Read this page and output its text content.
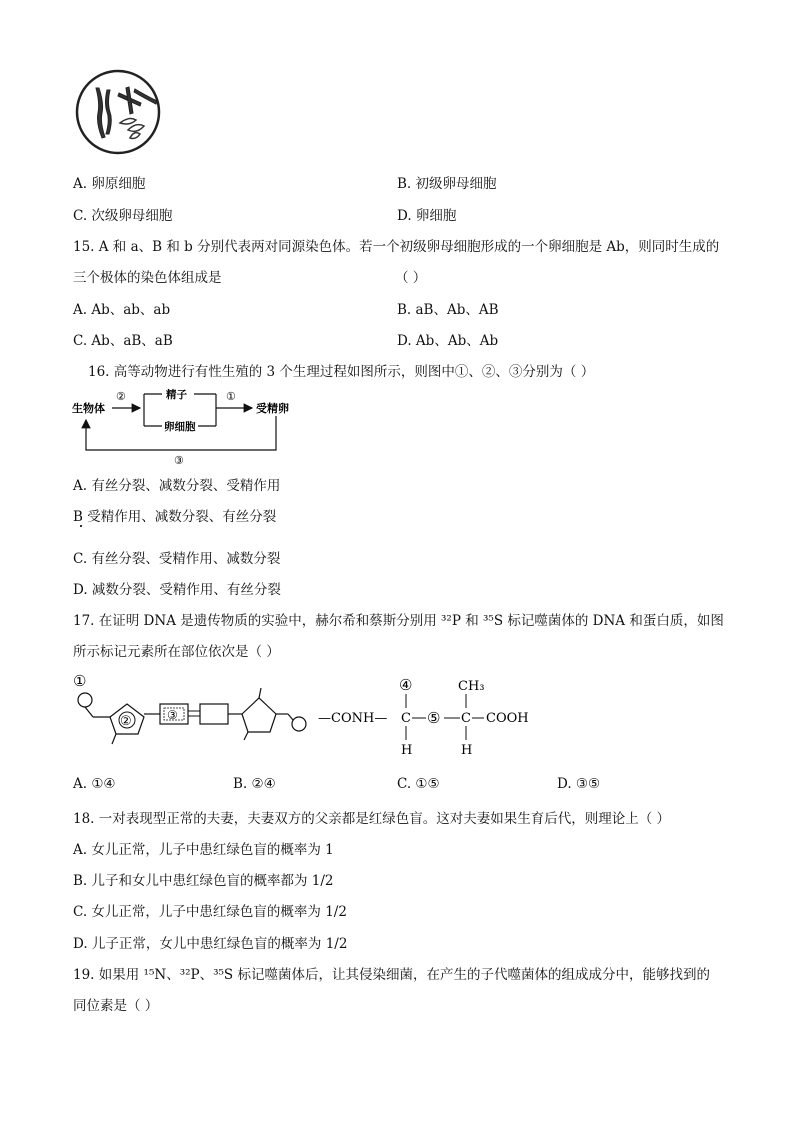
A. 卵原细胞	B. 初级卵母细胞
C. 次级卵母细胞	D. 卵细胞
15. A 和 a、B 和 b 分别代表两对同源染色体。若一个初级卵母细胞形成的一个卵细胞是 Ab，则同时生成的
三个极体的染色体组成是	（ ）
A. Ab、ab、ab	B. aB、Ab、AB
C. Ab、aB、aB	D. Ab、Ab、Ab
16. 高等动物进行有性生殖的 3 个生理过程如图所示，则图中①、②、③分别为（ ）
生物体
精子
卵细胞
受精卵
②	①
③
A. 有丝分裂、减数分裂、受精作用
B 受精作用、减数分裂、有丝分裂
C. 有丝分裂、受精作用、减数分裂
D. 减数分裂、受精作用、有丝分裂
17. 在证明 DNA 是遗传物质的实验中，赫尔希和蔡斯分别用 ³²P 和 ³⁵S 标记噬菌体的 DNA 和蛋白质，如图
所示标记元素所在部位依次是（ ）
①
②	③	—CONH—
④
C
H
⑤
CH₃
C
H
COOH
A. ①④	B. ②④	C. ①⑤	D. ③⑤
18. 一对表现型正常的夫妻，夫妻双方的父亲都是红绿色盲。这对夫妻如果生育后代，则理论上（ ）
A. 女儿正常，儿子中患红绿色盲的概率为 1
B. 儿子和女儿中患红绿色盲的概率都为 1/2
C. 女儿正常，儿子中患红绿色盲的概率为 1/2
D. 儿子正常，女儿中患红绿色盲的概率为 1/2
19. 如果用 ¹⁵N、³²P、³⁵S 标记噬菌体后，让其侵染细菌，在产生的子代噬菌体的组成成分中，能够找到的
同位素是（ ）
